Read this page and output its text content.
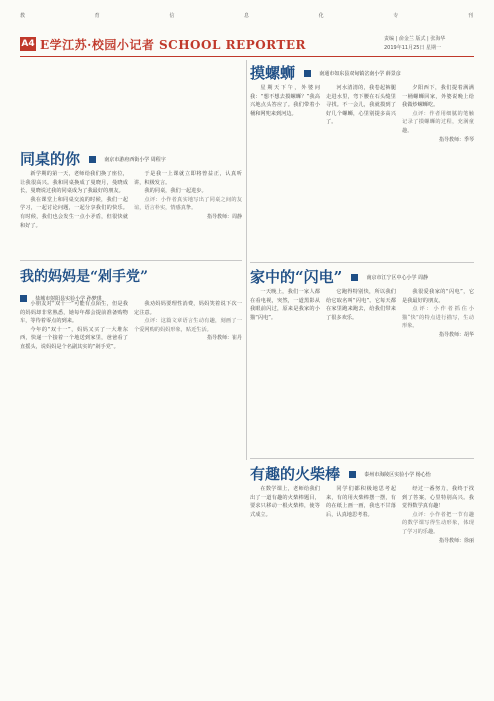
教	育	信	息	化	专	刊
A4 E学江苏·校园小记者 SCHOOL REPORTER	责编 | 俞金兰 版式 | 张海华
2019年11月25日 星期一
同桌的你	南京市游府西街小学 周程宇

新学期的第一天，老师给我们换了座位，让我很高兴。我和同桌换成了曼晓月，曼晓成长，曼晓说过我的同桌成为了我最好的朋友。

我在课堂上和同桌交流的时候，我们一起学习，一起讨论问题，一起分享我们的快乐。有时候，我们也会发生一点小矛盾，但很快就和好了。

于是我一上课就立即将曾益正，认真听讲，积极发言。

我的同桌，我们一起进步。

点评：小作者真实地写出了同桌之间的友谊，语言朴实，情感真挚。

指导教师：周静

我的妈妈是“剁手党”
盐城市射阳县实验小学 孙梦琪

小朋友对“双十一”可能有点陌生，但是我的妈妈却非常熟悉，她每年都会提前准备购物车，等待着零点的到来。

今年的“双十一”，妈妈又买了一大堆东西，快递一个接着一个地送到家里，爸爸看了直摇头，说妈妈是个名副其实的“剁手党”。

我劝妈妈要理性消费，妈妈笑着说下次一定注意。

点评：这篇文章语言生动有趣，刻画了一个爱网购的妈妈形象，贴近生活。

指导教师：崔丹

摸螺蛳	南通市如东县双甸镇岔南小学 薛景彦

星期天下午，外婆问我：“想不想去摸螺蛳？”我高兴地点头答应了。我们带着小桶和网兜来到河边。

河水清清的，我卷起裤腿走进水里，弯下腰在石头缝里寻找。不一会儿，我就摸到了好几个螺蛳，心里别提多高兴了。

夕阳西下，我们提着满满一桶螺蛳回家，外婆说晚上给我做炒螺蛳吃。

点评：作者用细腻的笔触记录了摸螺蛳的过程，充满童趣。

指导教师：季琴

家中的“闪电”	南京市江宁区中心小学 周静

一天晚上，我们一家人都在看电视，突然，一道黑影从我眼前闪过，原来是我家的小猫“闪电”。

它跑得特别快，所以我们给它取名叫“闪电”。它每天都在家里跑来跑去，给我们带来了很多欢乐。

我很爱我家的“闪电”，它是我最好的朋友。

点评：小作者抓住小猫“快”的特点进行描写，生动形象。

指导教师：胡华

有趣的火柴棒	泰州市海陵区实验小学 杨心怡

在数学课上，老师给我们出了一道有趣的火柴棒题目，要求只移动一根火柴棒，使等式成立。

同学们都积极地思考起来，有的用火柴棒摆一摆，有的在纸上画一画，我也不甘落后，认真地思考着。

经过一番努力，我终于找到了答案，心里特别高兴。我觉得数学真有趣！

点评：小作者把一节有趣的数学课写得生动形象，体现了学习的乐趣。

指导教师：徐丽
